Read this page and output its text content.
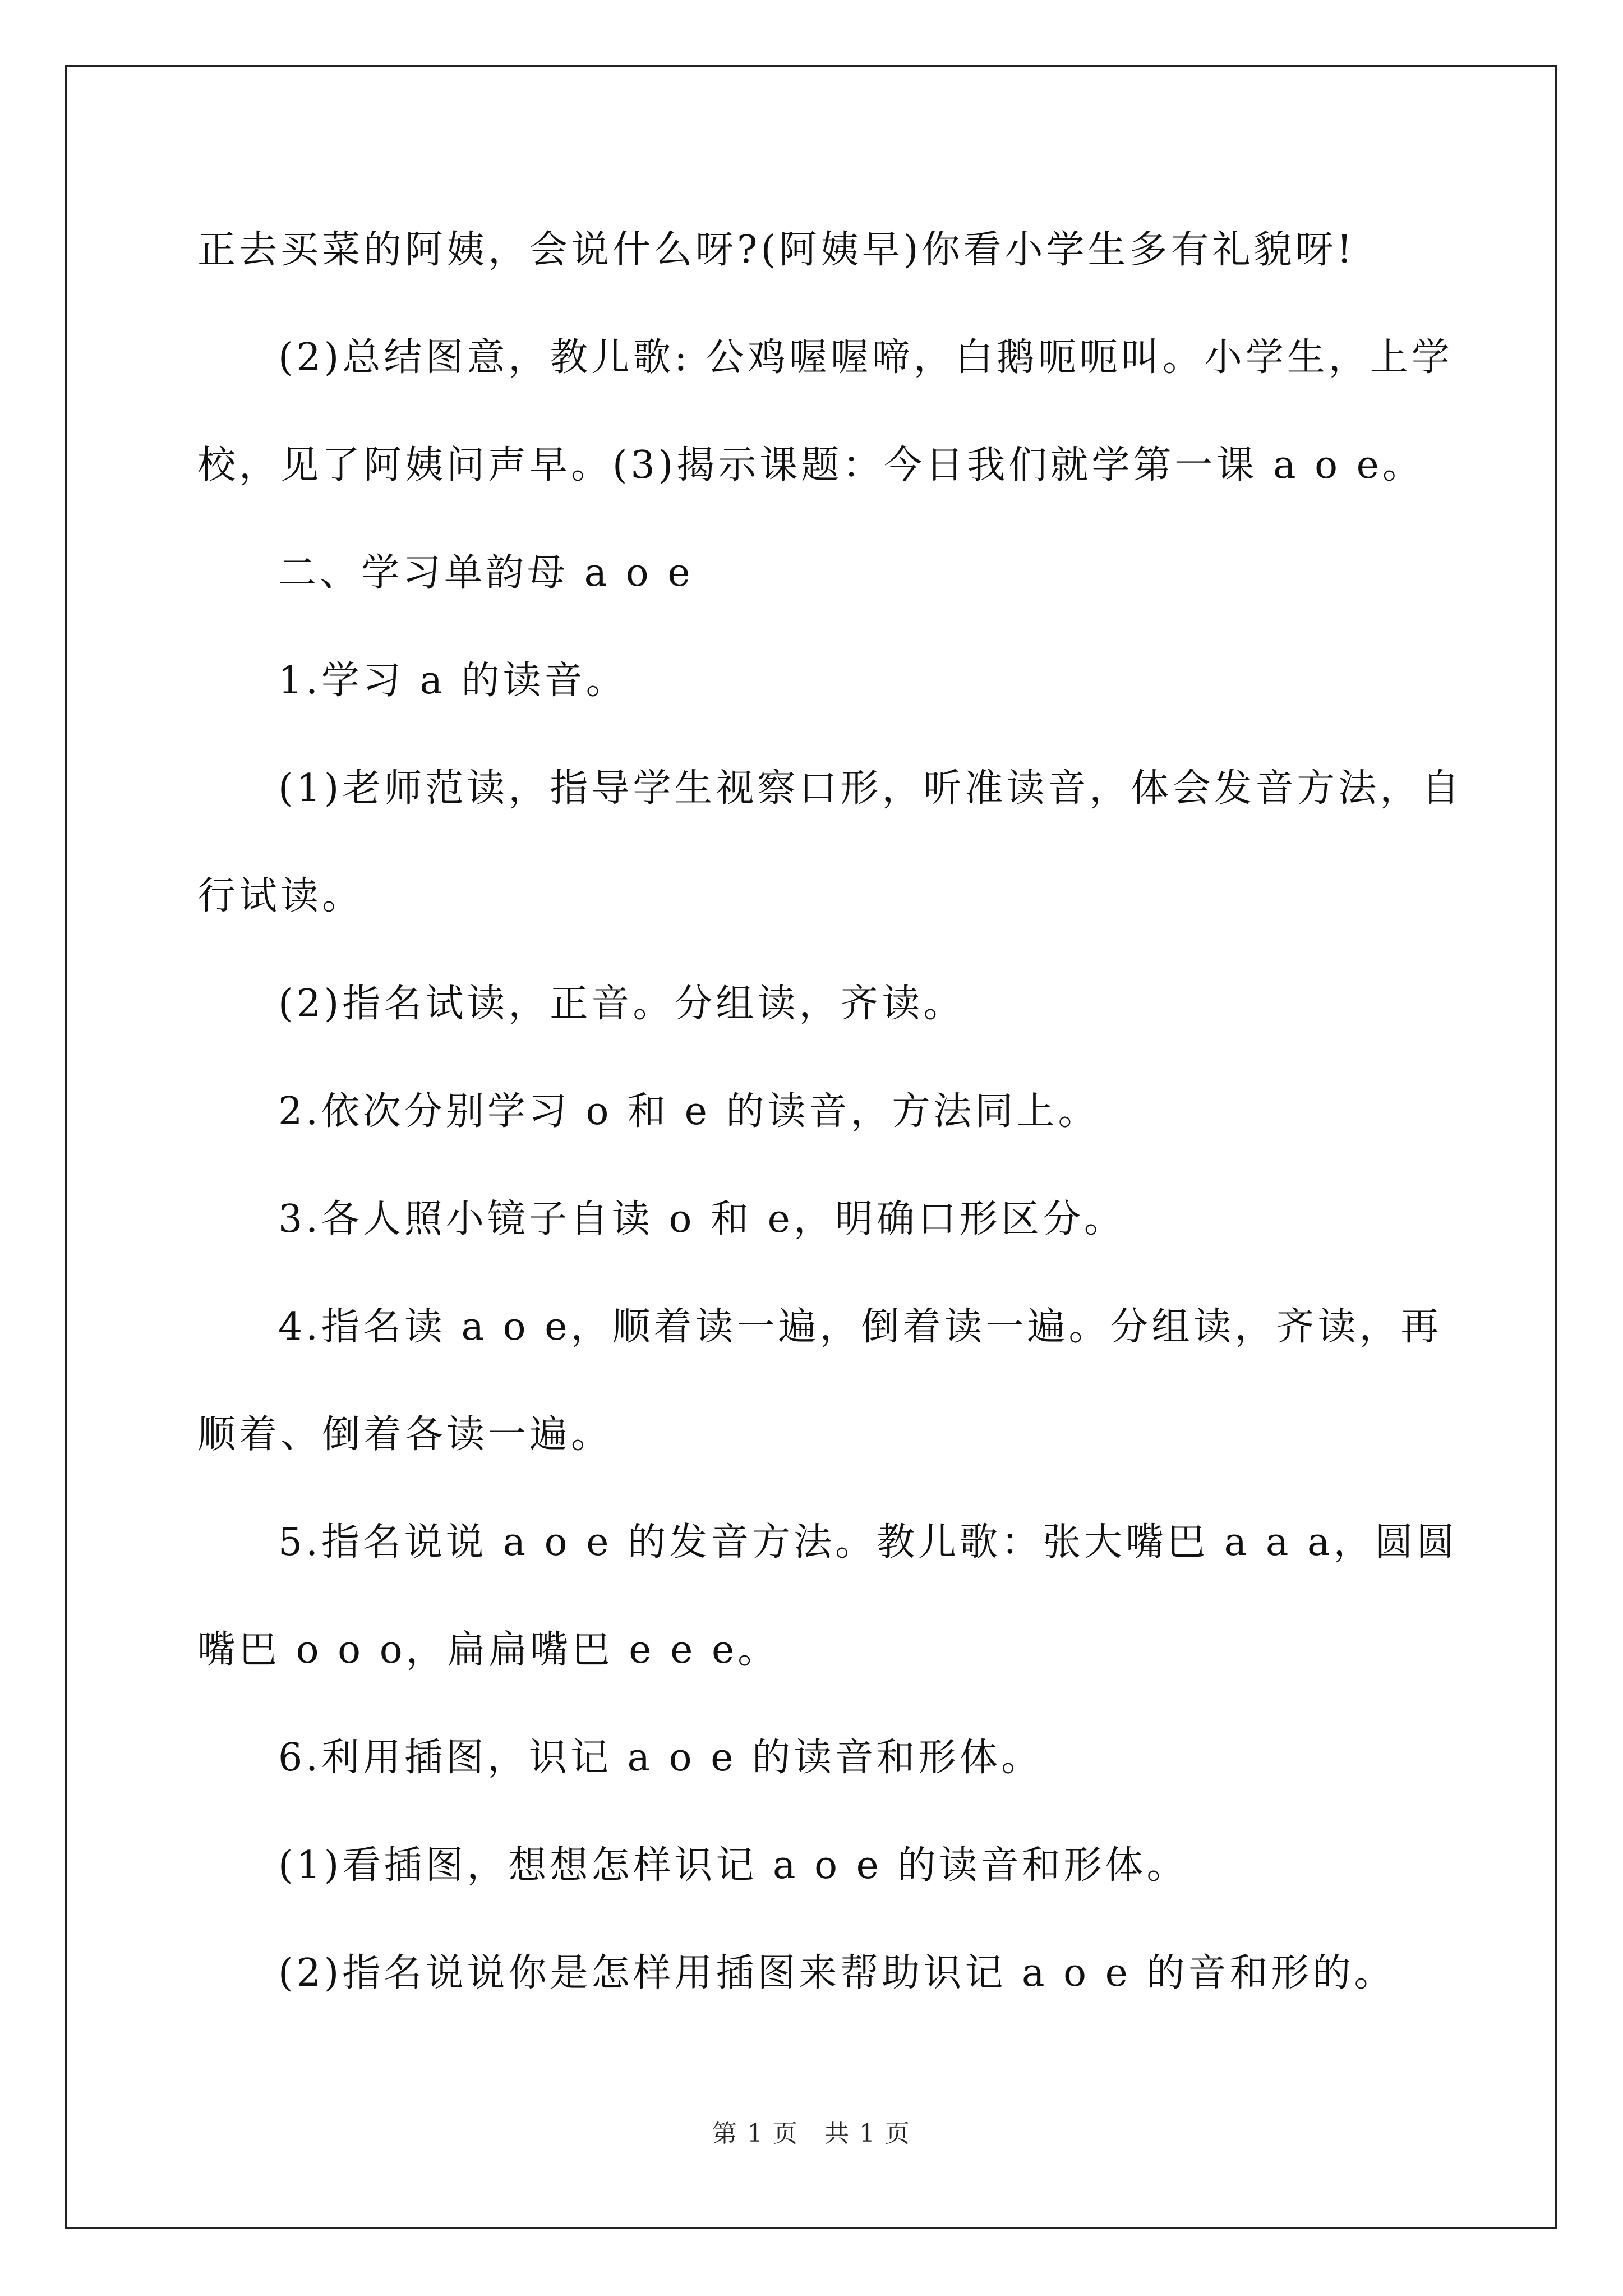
正去买菜的阿姨，会说什么呀?(阿姨早)你看小学生多有礼貌呀!
(2)总结图意，教儿歌: 公鸡喔喔啼，白鹅呃呃叫。小学生，上学
校，见了阿姨问声早。(3)揭示课题：今日我们就学第一课 a o e。
二、学习单韵母 a o e
1.学习 a 的读音。
(1)老师范读，指导学生视察口形，听准读音，体会发音方法，自
行试读。
(2)指名试读，正音。分组读，齐读。
2.依次分别学习 o 和 e 的读音，方法同上。
3.各人照小镜子自读 o 和 e，明确口形区分。
4.指名读 a o e，顺着读一遍，倒着读一遍。分组读，齐读，再
顺着、倒着各读一遍。
5.指名说说 a o e 的发音方法。教儿歌：张大嘴巴 a a a，圆圆
嘴巴 o o o，扁扁嘴巴 e e e。
6.利用插图，识记 a o e 的读音和形体。
(1)看插图，想想怎样识记 a o e 的读音和形体。
(2)指名说说你是怎样用插图来帮助识记 a o e 的音和形的。
第 1 页　共 1 页
